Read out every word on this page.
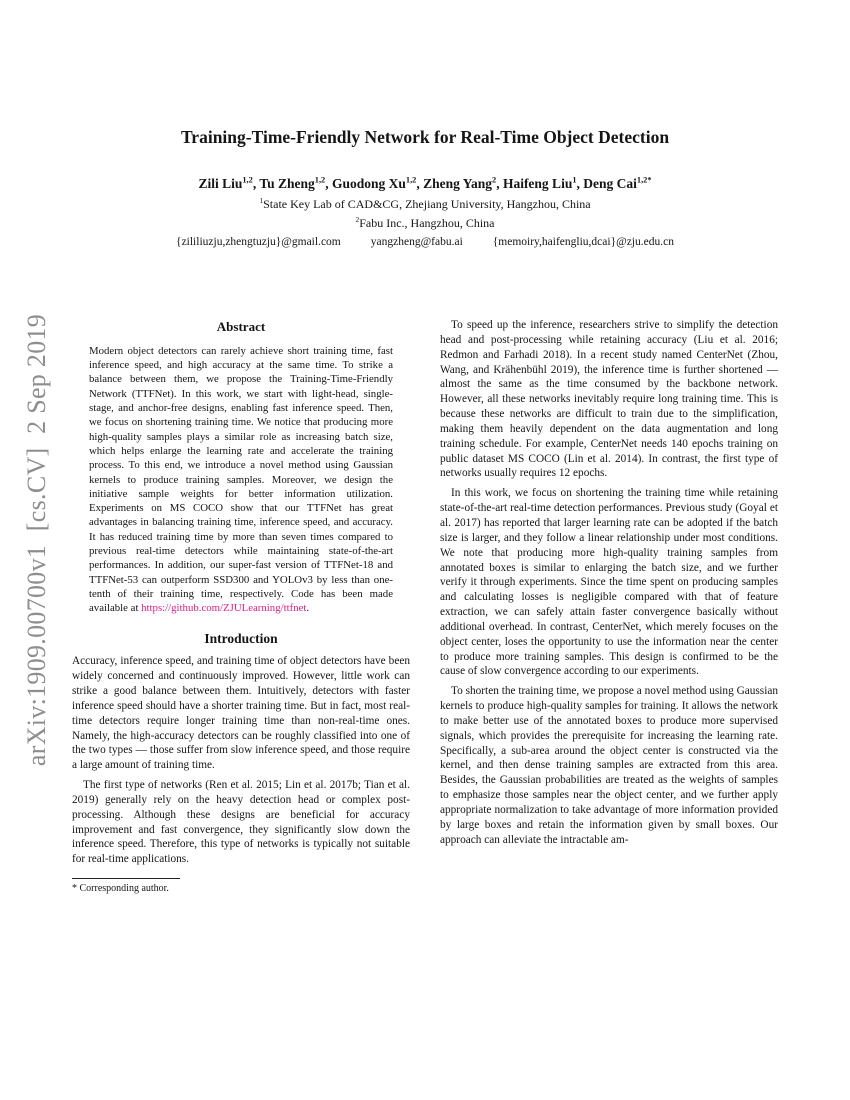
arXiv:1909.00700v1  [cs.CV]  2 Sep 2019
Training-Time-Friendly Network for Real-Time Object Detection
Zili Liu$^{1,2}$, Tu Zheng$^{1,2}$, Guodong Xu$^{1,2}$, Zheng Yang$^2$, Haifeng Liu$^1$, Deng Cai$^{1,2*}$
$^1$State Key Lab of CAD&CG, Zhejiang University, Hangzhou, China
$^2$Fabu Inc., Hangzhou, China
{zililiuzju,zhengtuzju}@gmail.com	yangzheng@fabu.ai	{memoiry,haifengliu,dcai}@zju.edu.cn
Abstract
Modern object detectors can rarely achieve short training time, fast inference speed, and high accuracy at the same time. To strike a balance between them, we propose the Training-Time-Friendly Network (TTFNet). In this work, we start with light-head, single-stage, and anchor-free designs, enabling fast inference speed. Then, we focus on shortening training time. We notice that producing more high-quality samples plays a similar role as increasing batch size, which helps enlarge the learning rate and accelerate the training process. To this end, we introduce a novel method using Gaussian kernels to produce training samples. Moreover, we design the initiative sample weights for better information utilization. Experiments on MS COCO show that our TTFNet has great advantages in balancing training time, inference speed, and accuracy. It has reduced training time by more than seven times compared to previous real-time detectors while maintaining state-of-the-art performances. In addition, our super-fast version of TTFNet-18 and TTFNet-53 can outperform SSD300 and YOLOv3 by less than one-tenth of their training time, respectively. Code has been made available at https://github.com/ZJULearning/ttfnet.
Introduction

Accuracy, inference speed, and training time of object detectors have been widely concerned and continuously improved. However, little work can strike a good balance between them. Intuitively, detectors with faster inference speed should have a shorter training time. But in fact, most real-time detectors require longer training time than non-real-time ones. Namely, the high-accuracy detectors can be roughly classified into one of the two types — those suffer from slow inference speed, and those require a large amount of training time.

The first type of networks (Ren et al. 2015; Lin et al. 2017b; Tian et al. 2019) generally rely on the heavy detection head or complex post-processing. Although these designs are beneficial for accuracy improvement and fast convergence, they significantly slow down the inference speed. Therefore, this type of networks is typically not suitable for real-time applications.

* Corresponding author.

To speed up the inference, researchers strive to simplify the detection head and post-processing while retaining accuracy (Liu et al. 2016; Redmon and Farhadi 2018). In a recent study named CenterNet (Zhou, Wang, and Krähenbühl 2019), the inference time is further shortened — almost the same as the time consumed by the backbone network. However, all these networks inevitably require long training time. This is because these networks are difficult to train due to the simplification, making them heavily dependent on the data augmentation and long training schedule. For example, CenterNet needs 140 epochs training on public dataset MS COCO (Lin et al. 2014). In contrast, the first type of networks usually requires 12 epochs.

In this work, we focus on shortening the training time while retaining state-of-the-art real-time detection performances. Previous study (Goyal et al. 2017) has reported that larger learning rate can be adopted if the batch size is larger, and they follow a linear relationship under most conditions. We note that producing more high-quality training samples from annotated boxes is similar to enlarging the batch size, and we further verify it through experiments. Since the time spent on producing samples and calculating losses is negligible compared with that of feature extraction, we can safely attain faster convergence basically without additional overhead. In contrast, CenterNet, which merely focuses on the object center, loses the opportunity to use the information near the center to produce more training samples. This design is confirmed to be the cause of slow convergence according to our experiments.

To shorten the training time, we propose a novel method using Gaussian kernels to produce high-quality samples for training. It allows the network to make better use of the annotated boxes to produce more supervised signals, which provides the prerequisite for increasing the learning rate. Specifically, a sub-area around the object center is constructed via the kernel, and then dense training samples are extracted from this area. Besides, the Gaussian probabilities are treated as the weights of samples to emphasize those samples near the object center, and we further apply appropriate normalization to take advantage of more information provided by large boxes and retain the information given by small boxes. Our approach can alleviate the intractable am-
